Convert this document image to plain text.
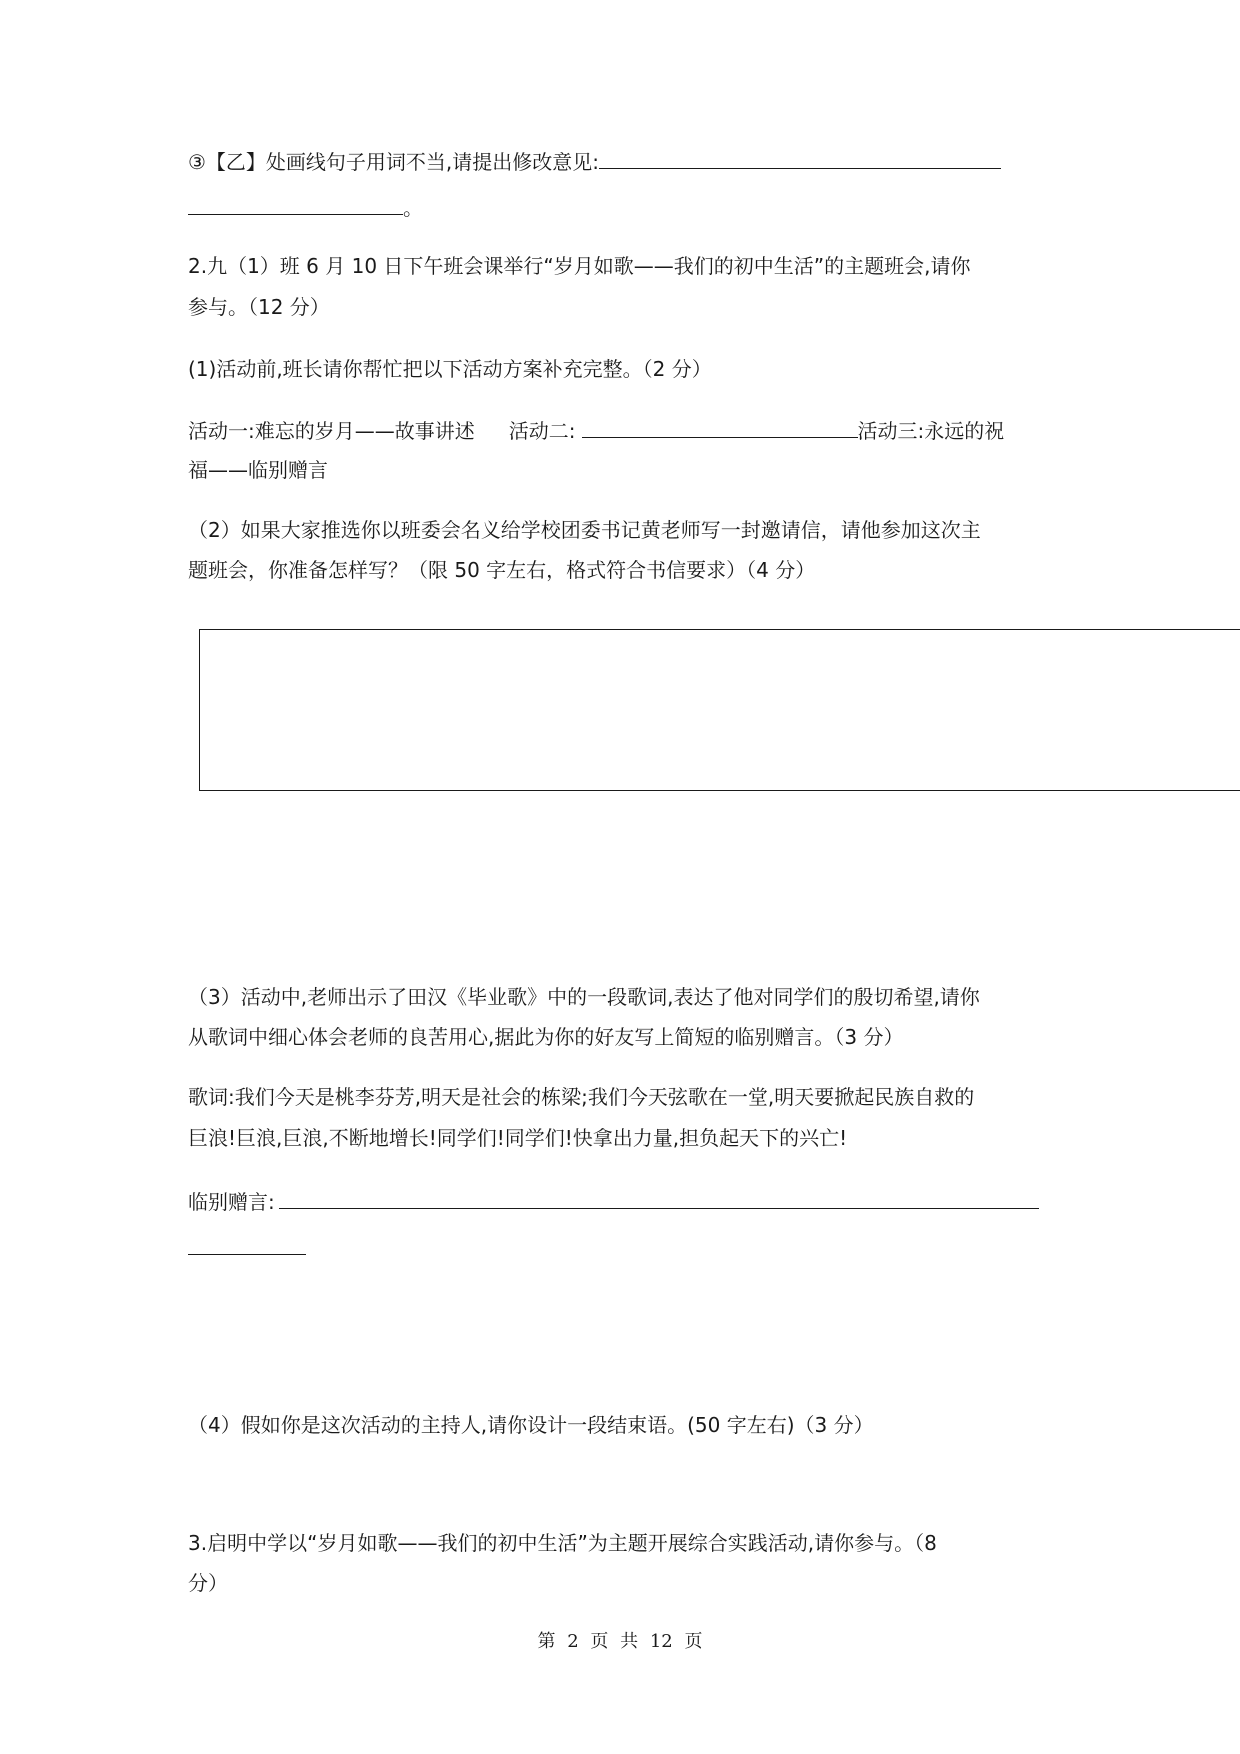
③【乙】处画线句子用词不当,请提出修改意见:
。
2.九（1）班 6 月 10 日下午班会课举行“岁月如歌——我们的初中生活”的主题班会,请你
参与。（12 分）
(1)活动前,班长请你帮忙把以下活动方案补充完整。（2 分）
活动一:难忘的岁月——故事讲述 活动二:	活动三:永远的祝
福——临别赠言
（2）如果大家推选你以班委会名义给学校团委书记黄老师写一封邀请信，请他参加这次主
题班会，你准备怎样写？（限 50 字左右，格式符合书信要求）（4 分）
（3）活动中,老师出示了田汉《毕业歌》中的一段歌词,表达了他对同学们的殷切希望,请你
从歌词中细心体会老师的良苦用心,据此为你的好友写上简短的临别赠言。（3 分）
歌词:我们今天是桃李芬芳,明天是社会的栋梁;我们今天弦歌在一堂,明天要掀起民族自救的
巨浪!巨浪,巨浪,不断地增长!同学们!同学们!快拿出力量,担负起天下的兴亡!
临别赠言:
（4）假如你是这次活动的主持人,请你设计一段结束语。(50 字左右)（3 分）
3.启明中学以“岁月如歌——我们的初中生活”为主题开展综合实践活动,请你参与。（8
分）
第 2 页 共 12 页
